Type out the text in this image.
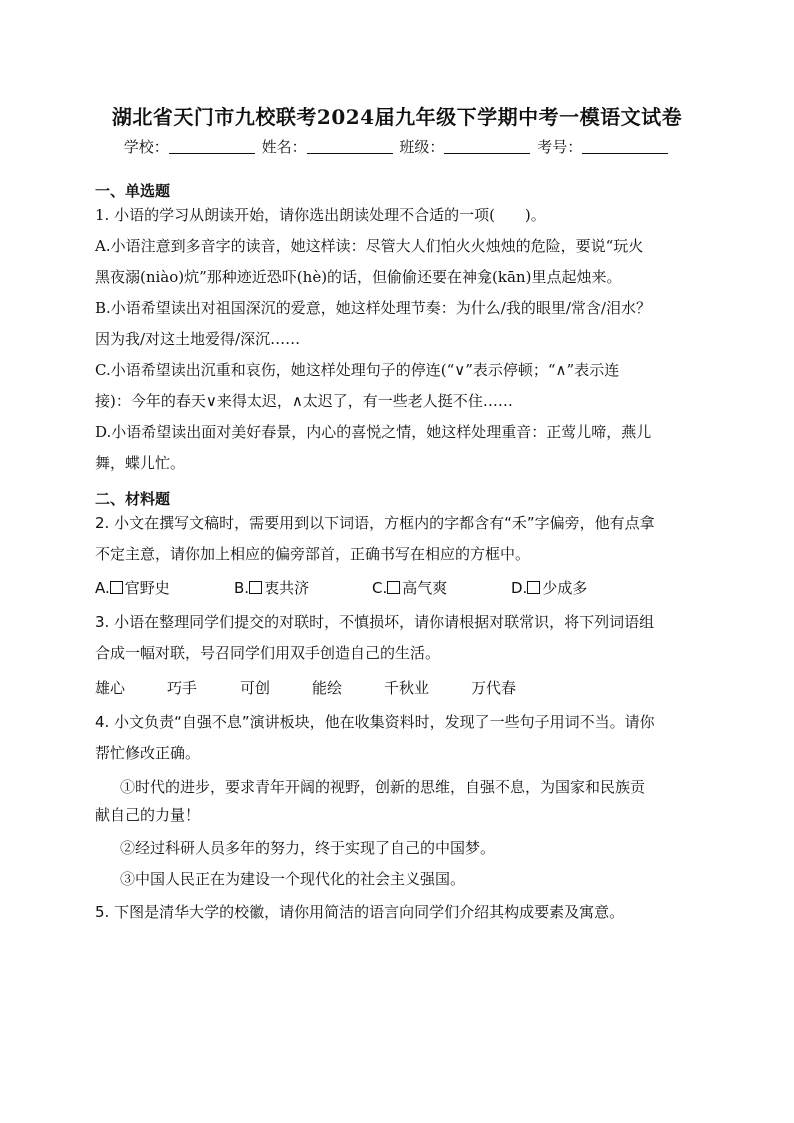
湖北省天门市九校联考2024届九年级下学期中考一模语文试卷
学校：	姓名：	班级：	考号：
一、单选题
1. 小语的学习从朗读开始，请你选出朗读处理不合适的一项(　　)。
A.小语注意到多音字的读音，她这样读：尽管大人们怕火火烛烛的危险，要说“玩火
黑夜溺(niào)炕”那种迹近恐吓(hè)的话，但偷偷还要在神龛(kān)里点起烛来。
B.小语希望读出对祖国深沉的爱意，她这样处理节奏：为什么/我的眼里/常含/泪水？
因为我/对这土地爱得/深沉……
C.小语希望读出沉重和哀伤，她这样处理句子的停连(“∨”表示停顿；“∧”表示连
接)：今年的春天∨来得太迟，∧太迟了，有一些老人挺不住……
D.小语希望读出面对美好春景，内心的喜悦之情，她这样处理重音：正莺儿啼，燕儿
舞，蝶儿忙。
二、材料题
2. 小文在撰写文稿时，需要用到以下词语，方框内的字都含有“禾”字偏旁，他有点拿
不定主意，请你加上相应的偏旁部首，正确书写在相应的方框中。
A. 官野史	B. 衷共济	C. 高气爽	D. 少成多
3. 小语在整理同学们提交的对联时，不慎损坏，请你请根据对联常识，将下列词语组
合成一幅对联，号召同学们用双手创造自己的生活。
雄心	巧手	可创	能绘	千秋业	万代春
4. 小文负责“自强不息”演讲板块，他在收集资料时，发现了一些句子用词不当。请你
帮忙修改正确。
①时代的进步，要求青年开阔的视野，创新的思维，自强不息，为国家和民族贡
献自己的力量！
②经过科研人员多年的努力，终于实现了自己的中国梦。
③中国人民正在为建设一个现代化的社会主义强国。
5. 下图是清华大学的校徽，请你用简洁的语言向同学们介绍其构成要素及寓意。
